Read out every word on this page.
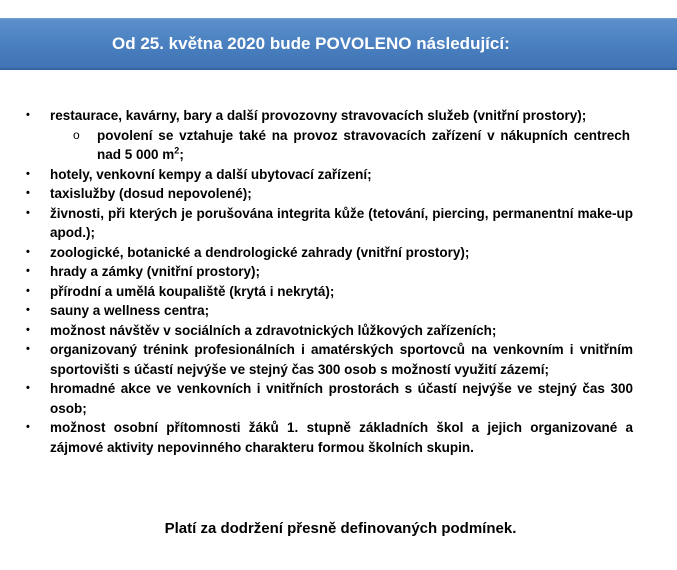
Od 25. května 2020 bude POVOLENO následující:
•	restaurace, kavárny, bary a další provozovny stravovacích služeb (vnitřní prostory);
o povolení se vztahuje také na provoz stravovacích zařízení v nákupních centrech nad 5 000 $m^2$;
•	hotely, venkovní kempy a další ubytovací zařízení;
•	taxislužby (dosud nepovolené);
•	živnosti, při kterých je porušována integrita kůže (tetování, piercing, permanentní make-up apod.);
•	zoologické, botanické a dendrologické zahrady (vnitřní prostory);
•	hrady a zámky (vnitřní prostory);
•	přírodní a umělá koupaliště (krytá i nekrytá);
•	sauny a wellness centra;
•	možnost návštěv v sociálních a zdravotnických lůžkových zařízeních;
•	organizovaný trénink profesionálních i amatérských sportovců na venkovním i vnitřním sportovišti s účastí nejvýše ve stejný čas 300 osob s možností využití zázemí;
•	hromadné akce ve venkovních i vnitřních prostorách s účastí nejvýše ve stejný čas 300 osob;
•	možnost osobní přítomnosti žáků 1. stupně základních škol a jejich organizované a zájmové aktivity nepovinného charakteru formou školních skupin.
Platí za dodržení přesně definovaných podmínek.
